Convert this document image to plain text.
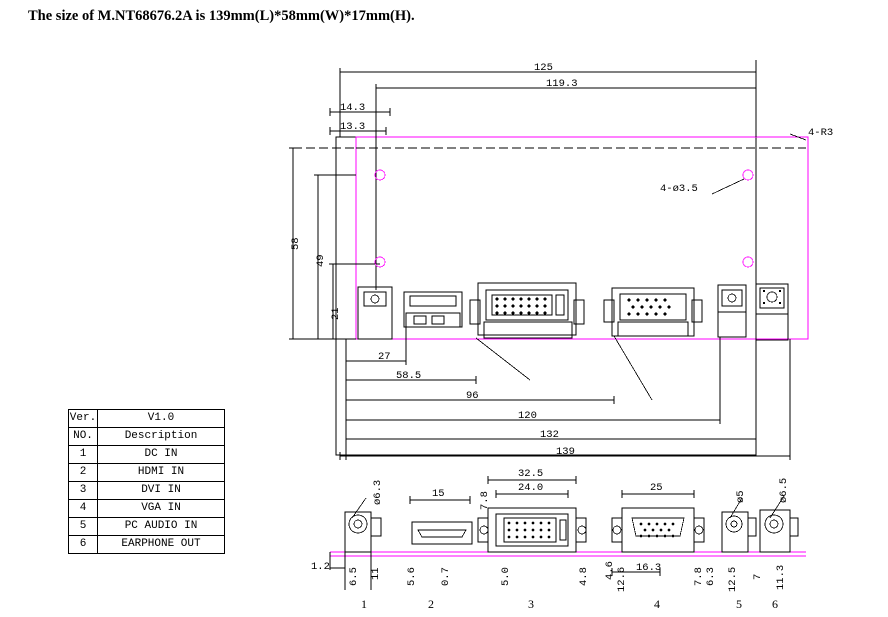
The size of M.NT68676.2A is 139mm(L)*58mm(W)*17mm(H).
Ver.	V1.0
NO.	Description
1	DC IN
2	HDMI IN
3	DVI IN
4	VGA IN
5	PC AUDIO IN
6	EARPHONE OUT
125
119.3
14.3
13.3
27
58.5
96
120
132
139
58
49
21
4-R3
4-ø3.5
ø6.3	15	7.8
32.5
24.0	25
ø5	ø6.5
1.2
6.5 11 5.6 0.7	5.0	4.8 4.6 12.6 16.3	7.8 6.3 12.5 7 11.3
1	2	3	4	5	6
